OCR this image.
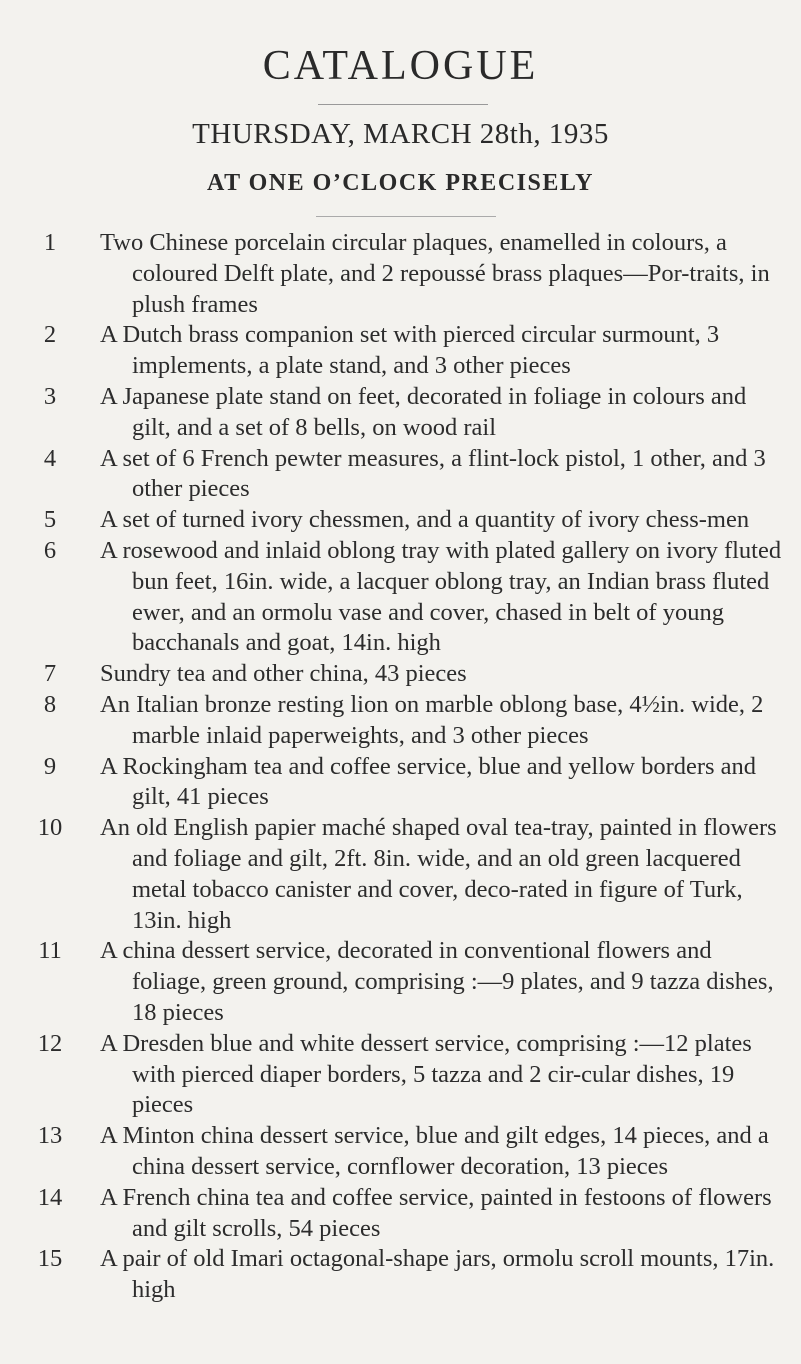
CATALOGUE
THURSDAY, MARCH 28th, 1935
AT ONE O’CLOCK PRECISELY
1	Two Chinese porcelain circular plaques, enamelled in colours, a coloured Delft plate, and 2 repoussé brass plaques—Por-traits, in plush frames
2	A Dutch brass companion set with pierced circular surmount, 3 implements, a plate stand, and 3 other pieces
3	A Japanese plate stand on feet, decorated in foliage in colours and gilt, and a set of 8 bells, on wood rail
4	A set of 6 French pewter measures, a flint-lock pistol, 1 other, and 3 other pieces
5	A set of turned ivory chessmen, and a quantity of ivory chess-men
6	A rosewood and inlaid oblong tray with plated gallery on ivory fluted bun feet, 16in. wide, a lacquer oblong tray, an Indian brass fluted ewer, and an ormolu vase and cover, chased in belt of young bacchanals and goat, 14in. high
7	Sundry tea and other china, 43 pieces
8	An Italian bronze resting lion on marble oblong base, 4½in. wide, 2 marble inlaid paperweights, and 3 other pieces
9	A Rockingham tea and coffee service, blue and yellow borders and gilt, 41 pieces
10	An old English papier maché shaped oval tea-tray, painted in flowers and foliage and gilt, 2ft. 8in. wide, and an old green lacquered metal tobacco canister and cover, deco-rated in figure of Turk, 13in. high
11	A china dessert service, decorated in conventional flowers and foliage, green ground, comprising :—9 plates, and 9 tazza dishes, 18 pieces
12	A Dresden blue and white dessert service, comprising :—12 plates with pierced diaper borders, 5 tazza and 2 cir-cular dishes, 19 pieces
13	A Minton china dessert service, blue and gilt edges, 14 pieces, and a china dessert service, cornflower decoration, 13 pieces
14	A French china tea and coffee service, painted in festoons of flowers and gilt scrolls, 54 pieces
15	A pair of old Imari octagonal-shape jars, ormolu scroll mounts, 17in. high
